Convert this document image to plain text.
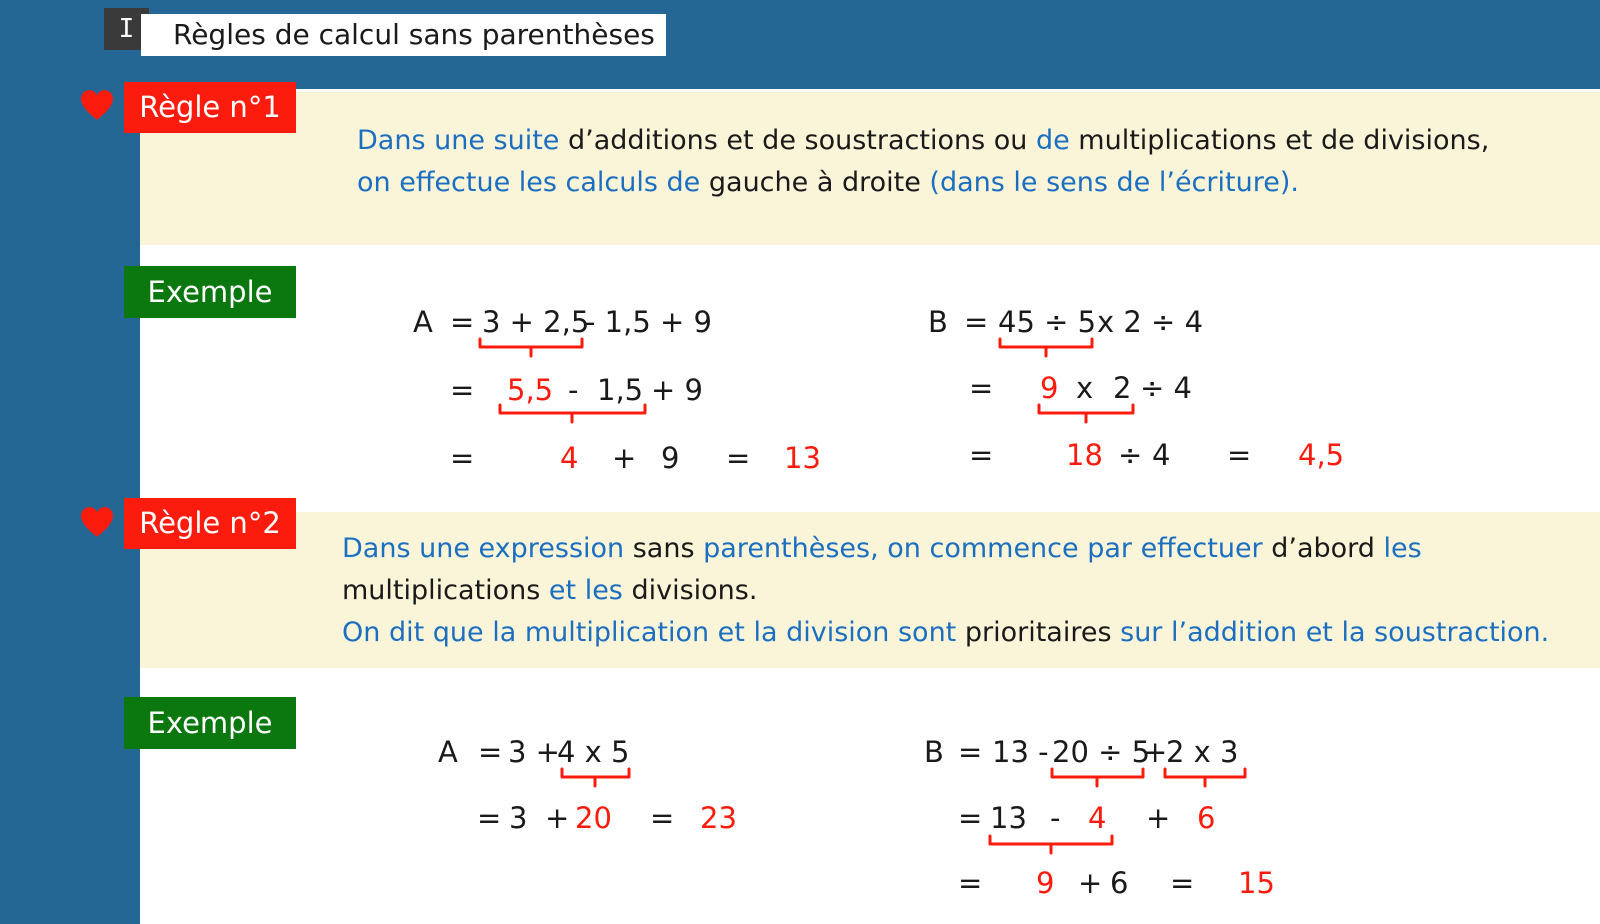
I	Règles de calcul sans parenthèses
Règle n°1
Règle n°2
Exemple
Exemple
Dans une suite d’additions et de soustractions ou de multiplications et de divisions,
on effectue les calculs de gauche à droite (dans le sens de l’écriture).
Dans une expression sans parenthèses, on commence par effectuer d’abord les
multiplications et les divisions.
On dit que la multiplication et la division sont prioritaires sur l’addition et la soustraction.
A = 3 + 2,5
- 1,5 + 9
= 5,5 - 1,5 + 9
=	4 + 9 = 13
B = 45 ÷ 5 x 2 ÷ 4
= 9 x 2 ÷ 4
=	18 ÷ 4 = 4,5
A = 3 +
4 x 5
= 3 + 20 = 23
B = 13 - 20 ÷ 5
+
2 x 3
= 13 - 4 + 6
= 9 + 6 = 15
